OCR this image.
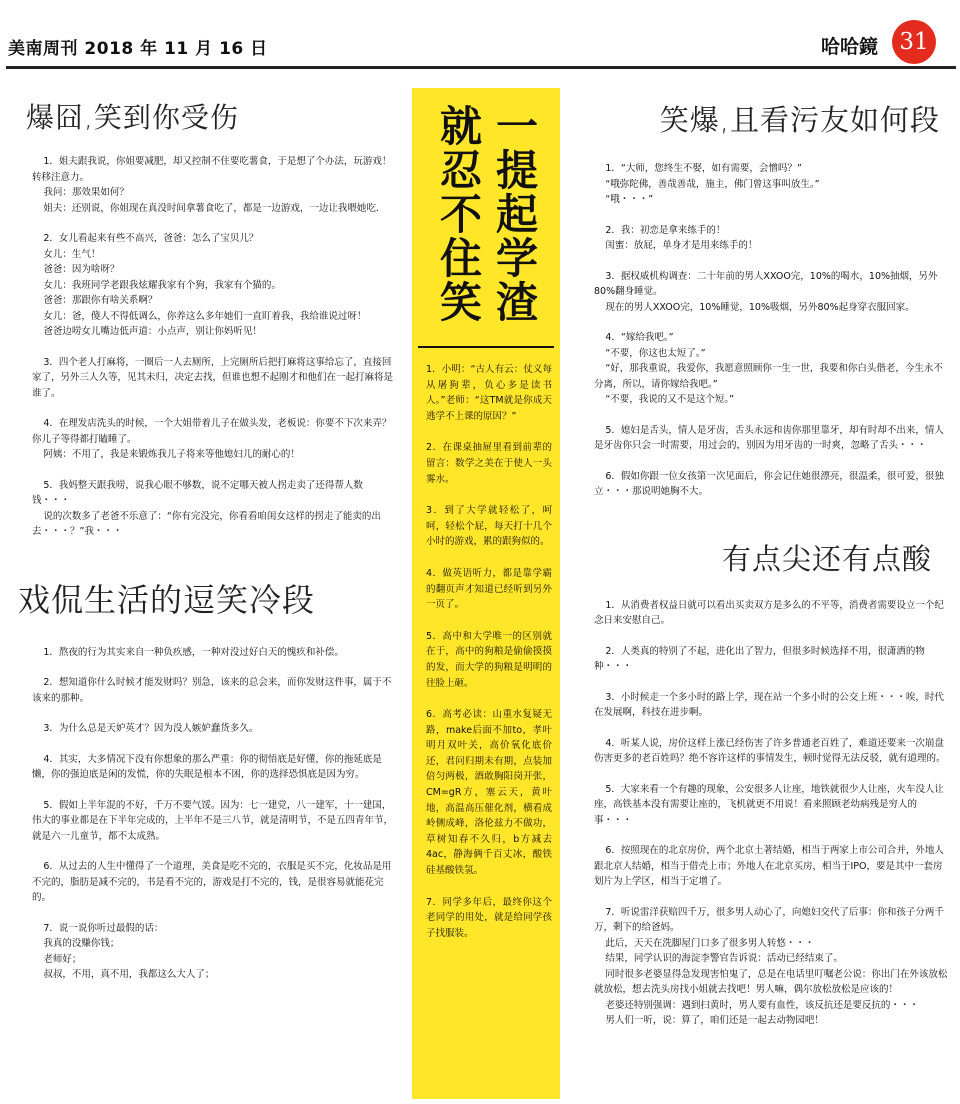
美南周刊 2018 年 11 月 16 日	哈哈鏡 31
爆囧,笑到你受伤
1．姐夫跟我说，你姐要减肥，却又控制不住要吃薯食，于是想了个办法，玩游戏！转移注意力。
我问：那效果如何？
姐夫：还别说，你姐现在真没时间拿薯食吃了，都是一边游戏，一边让我喂她吃．
2．女儿看起来有些不高兴，爸爸：怎么了宝贝儿？
女儿：生气！
爸爸：因为啥呀？
女儿：我班同学老跟我炫耀我家有个狗，我家有个猫的。
爸爸：那跟你有啥关系啊？
女儿：爸，傻人不得低调么，你养这么多年她们一直盯着我，我给谁说过呀！
爸爸边唠女儿嘴边低声道：小点声，别让你妈听见！
3．四个老人打麻将，一圈后一人去厕所，上完厕所后把打麻将这事给忘了，直接回家了，另外三人久等，见其未归，决定去找，但谁也想不起刚才和他们在一起打麻将是谁了。
4．在理发店洗头的时候，一个大姐带着儿子在做头发，老板说：你要不下次来弄？你儿子等得都打瞌睡了。
阿姨：不用了，我是来锻炼我儿子将来等他媳妇儿的耐心的！
5．我妈整天跟我唠，说我心眼不够数，说不定哪天被人拐走卖了还得帮人数钱・・・
说的次数多了老爸不乐意了：“你有完没完，你看看咱闺女这样的拐走了能卖的出去・・・？”我・・・
戏侃生活的逗笑冷段
1．熬夜的行为其实来自一种负疚感，一种对没过好白天的愧疚和补偿。
2．想知道你什么时候才能发财吗？别急，该来的总会来，而你发财这件事，属于不该来的那种。
3．为什么总是天妒英才？因为没人嫉妒蠢货多久。
4．其实，大多情况下没有你想象的那么严重：你的彻悟底是好懂，你的拖延底是懒，你的强迫底是闲的发慌，你的失眠是根本不困，你的选择恐惧底是因为穷。
5．假如上半年混的不好，千万不要气馁。因为：七一建党，八一建军，十一建国，伟大的事业都是在下半年完成的，上半年不是三八节，就是清明节，不是五四青年节，就是六一儿童节，都不太成熟。
6．从过去的人生中懂得了一个道理，美食是吃不完的，衣服是买不完，化妆品是用不完的，脂肪是减不完的，书是看不完的，游戏是打不完的，钱，是很容易就能花完的。
7．说一说你听过最假的话：
我真的没赚你钱；
老师好；
叔叔，不用，真不用，我都这么大人了；
一提起学渣
就忍不住笑
1．小明：“古人有云：仗义每从屠狗辈，负心多是读书人。”老师：“这TM就是你成天逃学不上课的原因？”
2．在课桌抽屉里看到前辈的留言：数学之美在于使人一头雾水。
3．到了大学就轻松了，呵呵，轻松个屁，每天打十几个小时的游戏，累的跟狗似的。
4．做英语听力，都是靠学霸的翻页声才知道已经听到另外一页了。
5．高中和大学唯一的区别就在于，高中的狗粮是偷偷摸摸的发，而大学的狗粮是明明的往脸上砸。
6．高考必读：山重水复疑无路，make后面不加to，孝叶明月双叶关，高价氧化底价还，君问归期未有期，点装加倍匀两极，酒敢胸阳岗开张，CM=gR方，塞云天，黄叶地，高温高压催化剂，横看成岭侧成峰，洛伦兹力不做功，草树知春不久归，b方减去4ac，静海俩千百丈冰，酸铁硅基酸铁氢。
7．同学多年后，最终你这个老同学的用处，就是给同学孩子找服装。
笑爆,且看污友如何段
1．“大师，您终生不娶，如有需要，会憎吗？”
“哦弥陀佛，善哉善哉，施主，佛门曾这事叫放生。”
“哦・・・”
2．我：初恋是拿来练手的！
闺蜜：放屁，单身才是用来练手的！
3．据权威机构调查：二十年前的男人XXOO完，10%的喝水，10%抽烟，另外80%翻身睡觉。
现在的男人XXOO完，10%睡觉，10%吸烟，另外80%起身穿衣服回家。
4．“嫁给我吧。”
“不要，你这也太短了。”
“好，那我重说，我爱你，我愿意照顾你一生一世，我要和你白头偕老，今生永不分离，所以，请你嫁给我吧。”
“不要，我说的又不是这个短。”
5．媳妇是舌头，情人是牙齿，舌头永远和齿你那里靠牙，却有时却不出来，情人是牙齿你只会一时需要，用过会的，别因为用牙齿的一时爽，忽略了舌头・・・
6．假如你跟一位女孩第一次见面后，你会记住她很漂亮，很温柔，很可爱，很独立・・・那说明她胸不大。
有点尖还有点酸
1．从消费者权益日就可以看出买卖双方是多么的不平等，消费者需要设立一个纪念日来安慰自己。
2．人类真的特别了不起，进化出了智力，但很多时候选择不用，很潇洒的物种・・・
3．小时候走一个多小时的路上学，现在站一个多小时的公交上班・・・唉，时代在发展啊，科技在进步啊。
4．听某人说，房价这样上涨已经伤害了许多普通老百姓了，难道还要来一次崩盘伤害更多的老百姓吗？绝不容许这样的事情发生，顿时觉得无法反驳，就有道理的。
5．大家来看一个有趣的现象，公安很多人让座，地铁就很少人让座，火车没人让座，高铁基本没有需要让座的，飞机就更不用说！看来照顾老幼病残是穷人的事・・・
6．按照现在的北京房价，两个北京土著结婚，相当于两家上市公司合并，外地人跟北京人结婚，相当于借壳上市；外地人在北京买房，相当于IPO，要是其中一套房划片为上学区，相当于定增了。
7．听说雷洋获赔四千万，很多男人动心了，向媳妇交代了后事：你和孩子分两千万，剩下的给爸妈。
此后，天天在洗脚屋门口多了很多男人转悠・・・
结果，同学认识的海淀李警官告诉说：活动已经结束了。
同时很多老婆显得急发现害怕鬼了，总是在电话里叮嘱老公说：你出门在外该放松就放松，想去洗头房找小姐就去找吧！男人嘛，偶尔放松放松是应该的！
老婆还特别强调：遇到扫黄时，男人要有血性，该反抗还是要反抗的・・・
男人们一听，说：算了，咱们还是一起去动物园吧！
